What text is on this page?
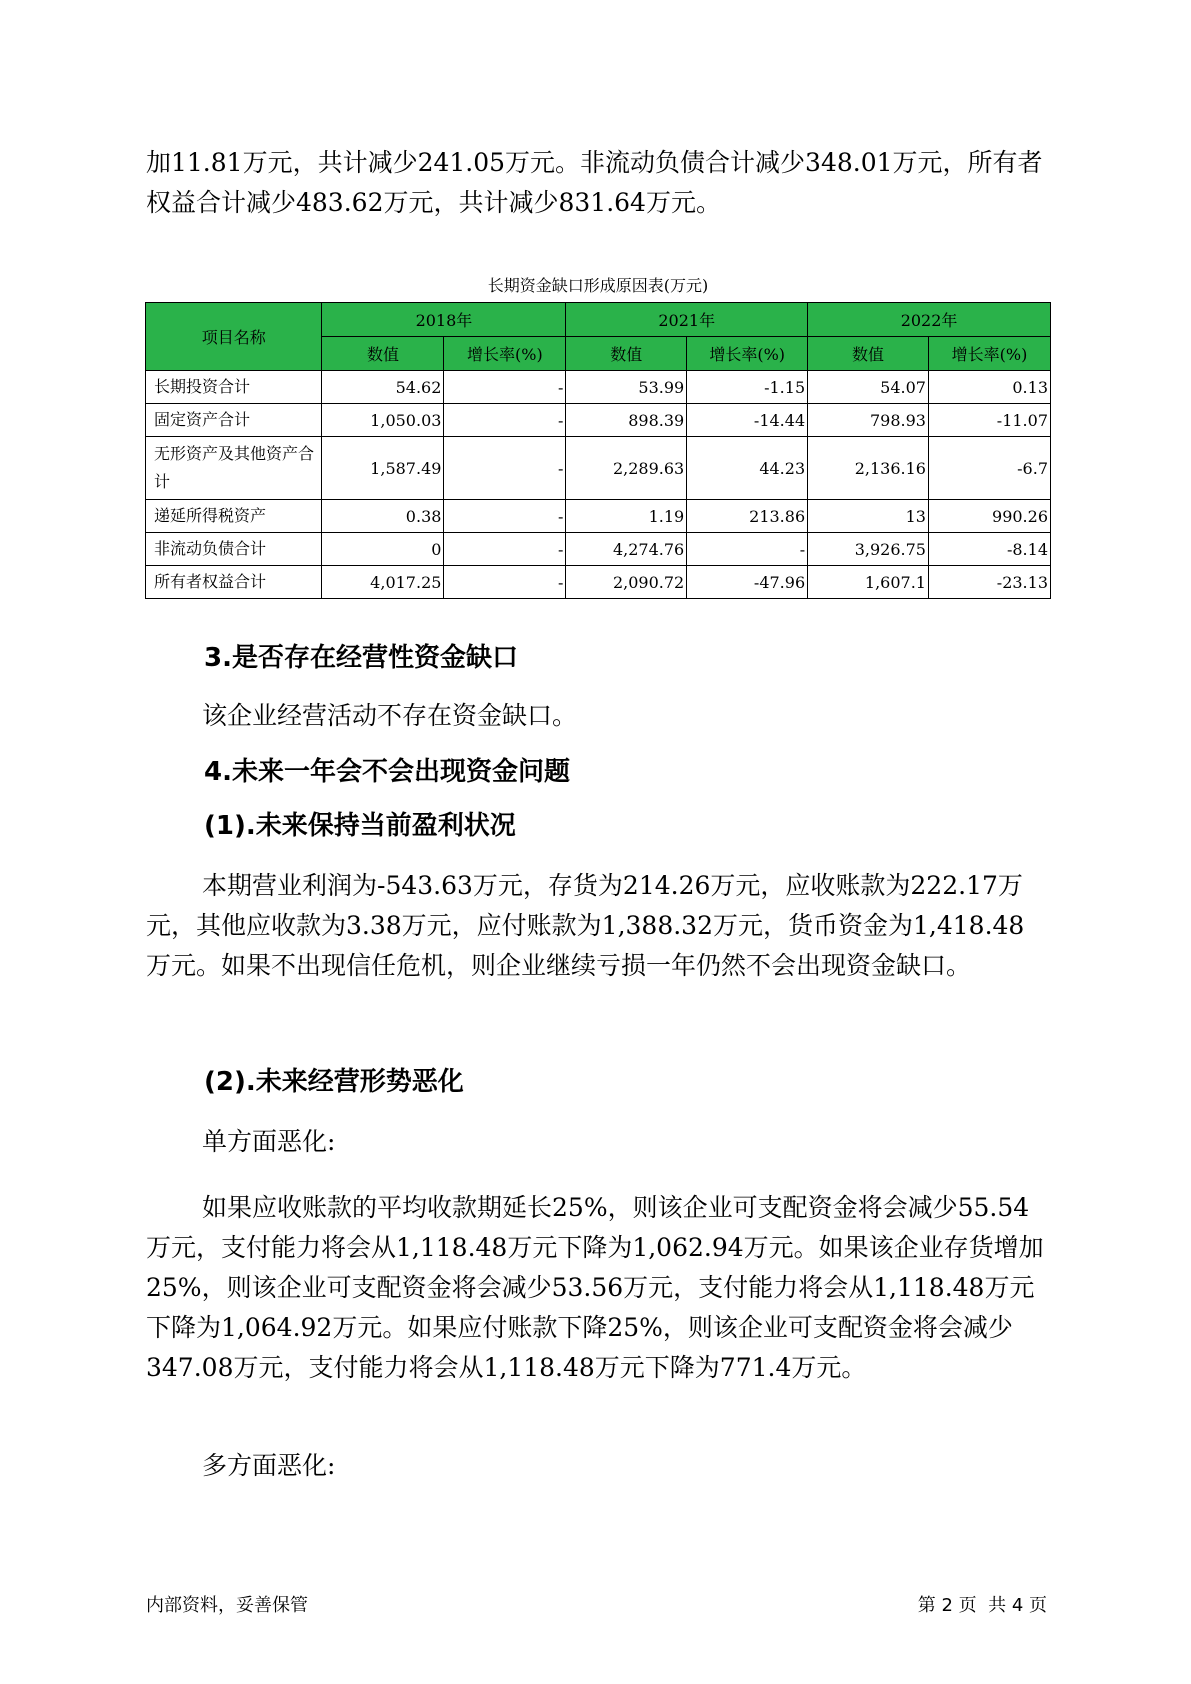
加11.81万元，共计减少241.05万元。非流动负债合计减少348.01万元，所有者权益合计减少483.62万元，共计减少831.64万元。

长期资金缺口形成原因表(万元)
项目名称	2018年		2021年		2022年	
	数值	增长率(%)	数值	增长率(%)	数值	增长率(%)
长期投资合计	54.62	-	53.99	-1.15	54.07	0.13
固定资产合计	1,050.03	-	898.39	-14.44	798.93	-11.07
无形资产及其他资产合计	1,587.49	-	2,289.63	44.23	2,136.16	-6.7
递延所得税资产	0.38	-	1.19	213.86	13	990.26
非流动负债合计	0	-	4,274.76	-	3,926.75	-8.14
所有者权益合计	4,017.25	-	2,090.72	-47.96	1,607.1	-23.13
3.是否存在经营性资金缺口

该企业经营活动不存在资金缺口。

4.未来一年会不会出现资金问题
(1).未来保持当前盈利状况

本期营业利润为-543.63万元，存货为214.26万元，应收账款为222.17万元，其他应收款为3.38万元，应付账款为1,388.32万元，货币资金为1,418.48万元。如果不出现信任危机，则企业继续亏损一年仍然不会出现资金缺口。

(2).未来经营形势恶化

单方面恶化:

如果应收账款的平均收款期延长25%，则该企业可支配资金将会减少55.54万元，支付能力将会从1,118.48万元下降为1,062.94万元。如果该企业存货增加25%，则该企业可支配资金将会减少53.56万元，支付能力将会从1,118.48万元下降为1,064.92万元。如果应付账款下降25%，则该企业可支配资金将会减少347.08万元，支付能力将会从1,118.48万元下降为771.4万元。

多方面恶化:

内部资料，妥善保管	第 2 页  共 4 页
